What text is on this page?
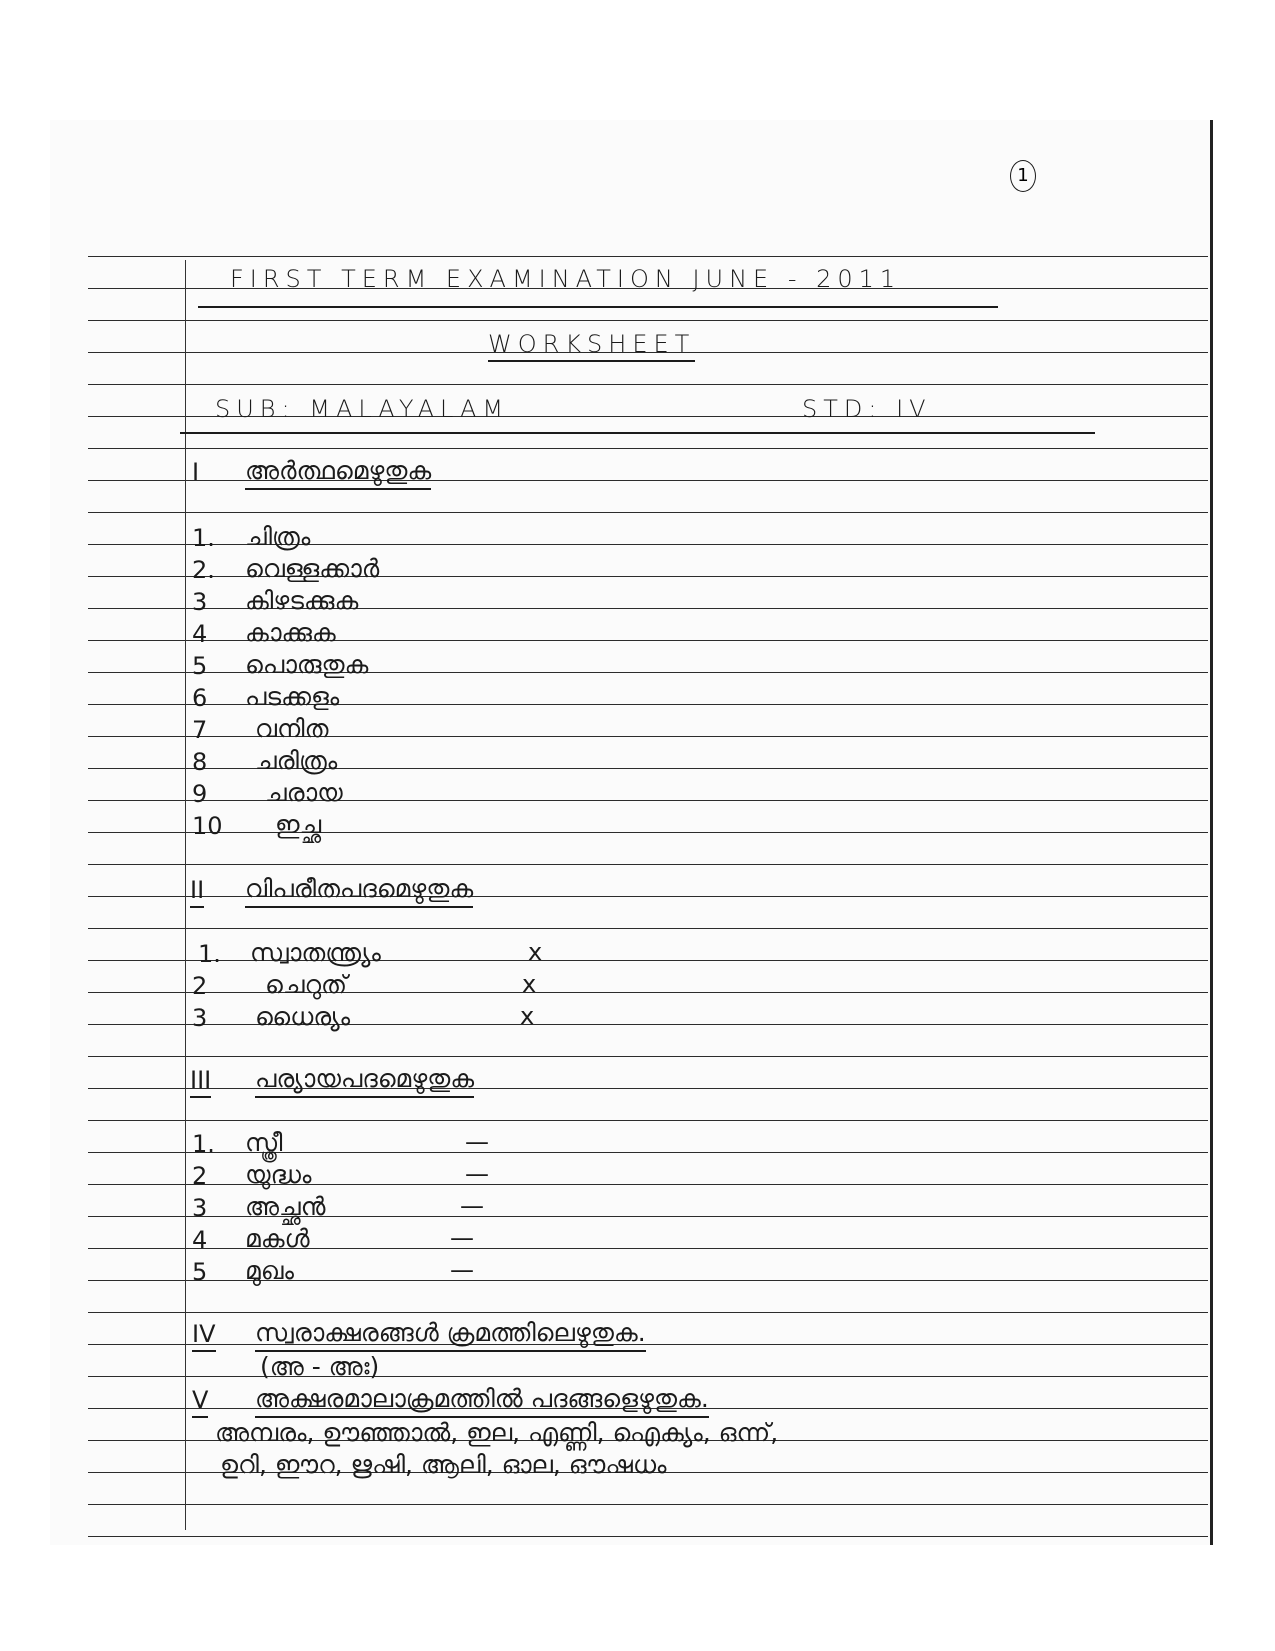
1
FIRST TERM EXAMINATION JUNE - 2011
WORKSHEET
SUB: MALAYALAM	STD: IV
I അർത്ഥമെഴുതുക
1. ചിത്രം
2. വെള്ളക്കാർ
3 കിഴടക്കുക
4 കാക്കുക
5 പൊരുതുക
6 പടക്കളം
7 വനിത
8 ചരിത്രം
9 ചരായ
10 ഇച്ഛ
II വിപരീതപദമെഴുതുക
1. സ്വാതന്ത്ര്യം	x
2 ചെറുത്	x
3 ധൈര്യം	x
III പര്യായപദമെഴുതുക
1. സ്ത്രീ	—
2 യുദ്ധം	—
3 അച്ഛൻ	—
4 മകൾ	—
5 മുഖം	—
IV സ്വരാക്ഷരങ്ങൾ ക്രമത്തിലെഴുതുക.
(അ - അഃ)
V അക്ഷരമാലാക്രമത്തിൽ പദങ്ങളെഴുതുക.
അമ്പരം, ഊഞ്ഞാൽ, ഇല, എണ്ണി, ഐക്യം, ഒന്ന്,
ഉറി, ഈറ, ഋഷി, ആലി, ഓല, ഔഷധം
